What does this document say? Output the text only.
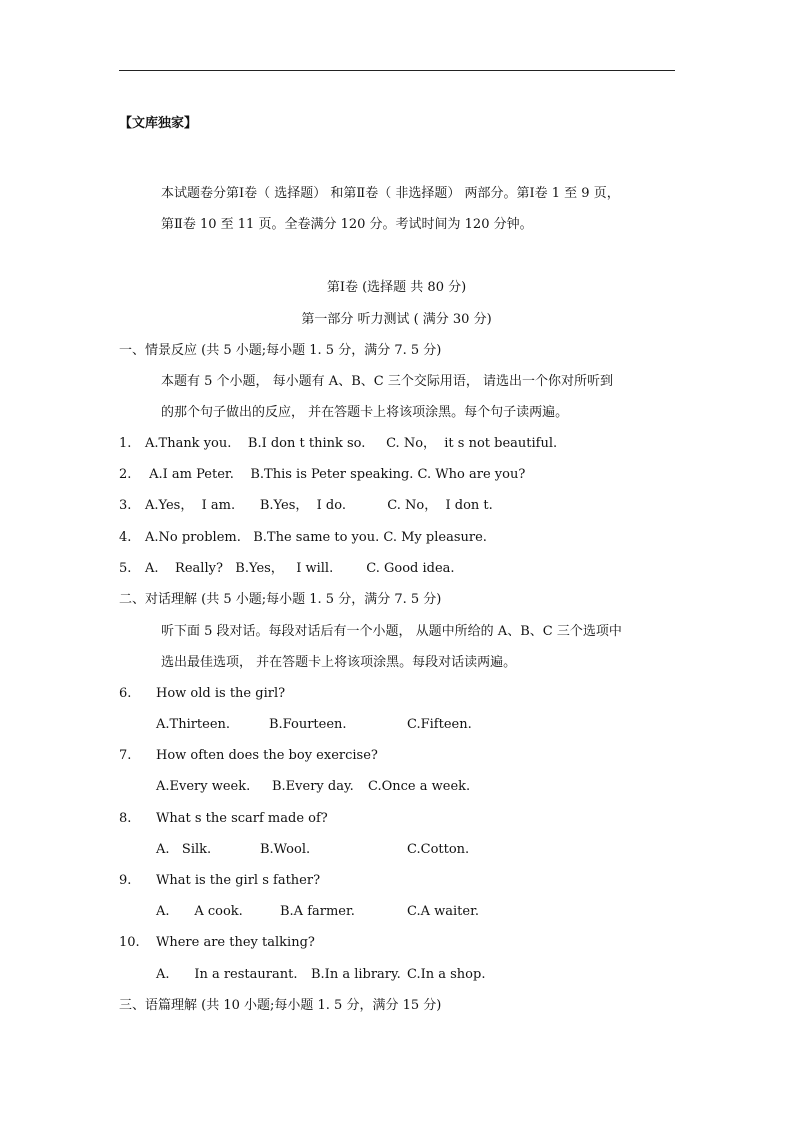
【文库独家】
本试题卷分第Ⅰ卷（ 选择题） 和第Ⅱ卷（ 非选择题） 两部分。第Ⅰ卷 1 至 9 页，
第Ⅱ卷 10 至 11 页。全卷满分 120 分。考试时间为 120 分钟。
第Ⅰ卷 (选择题 共 80 分)
第一部分 听力测试 ( 满分 30 分)
一、情景反应 (共 5 小题;每小题 1. 5 分，满分 7. 5 分)
本题有 5 个小题， 每小题有 A、B、C 三个交际用语， 请选出一个你对所听到
的那个句子做出的反应， 并在答题卡上将该项涂黑。每个句子读两遍。
1. A.Thank you.    B.I don t think so.     C. No，  it s not beautiful.
2. A.I am Peter.    B.This is Peter speaking. C. Who are you?
3. A.Yes，  I am.      B.Yes，  I do.          C. No，  I don t.
4. A.No problem.   B.The same to you. C. My pleasure.
5. A.    Really?   B.Yes，   I will.        C. Good idea.
二、对话理解 (共 5 小题;每小题 1. 5 分，满分 7. 5 分)
听下面 5 段对话。每段对话后有一个小题， 从题中所给的 A、B、C 三个选项中
选出最佳选项， 并在答题卡上将该项涂黑。每段对话读两遍。
6. How old is the girl?
A.Thirteen.	B.Fourteen.	C.Fifteen.
7. How often does the boy exercise?
A.Every week. B.Every day. C.Once a week.
8. What s the scarf made of?
A.   Silk.	B.Wool.	C.Cotton.
9. What is the girl s father?
A.      A cook.	B.A farmer.	C.A waiter.
10. Where are they talking?
A.      In a restaurant. B.In a library. C.In a shop.
三、语篇理解 (共 10 小题;每小题 1. 5 分，满分 15 分)
